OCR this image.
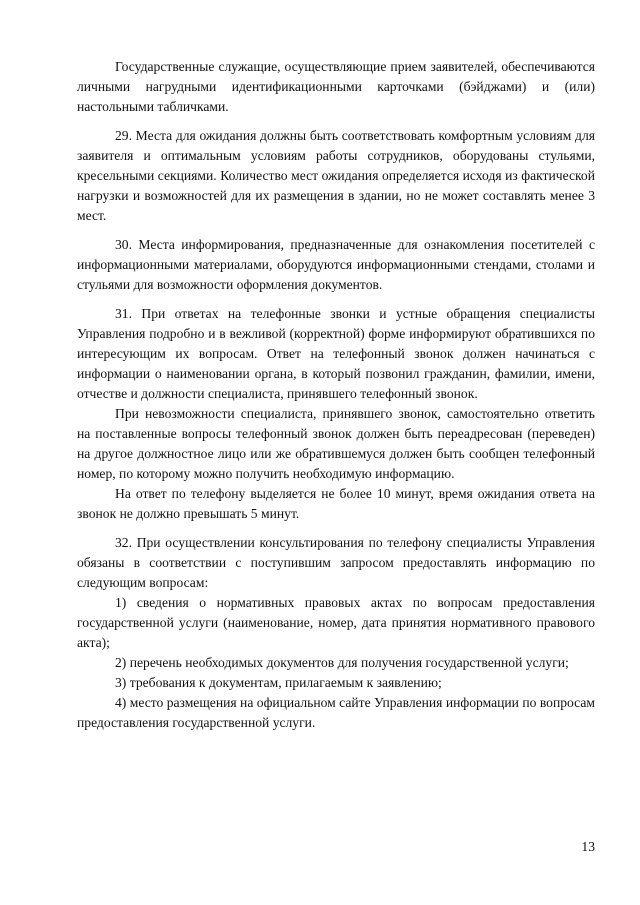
Государственные служащие, осуществляющие прием заявителей, обеспечиваются личными нагрудными идентификационными карточками (бэйджами) и (или) настольными табличками.

29. Места для ожидания должны быть соответствовать комфортным условиям для заявителя и оптимальным условиям работы сотрудников, оборудованы стульями, кресельными секциями. Количество мест ожидания определяется исходя из фактической нагрузки и возможностей для их размещения в здании, но не может составлять менее 3 мест.

30. Места информирования, предназначенные для ознакомления посетителей с информационными материалами, оборудуются информационными стендами, столами и стульями для возможности оформления документов.

31. При ответах на телефонные звонки и устные обращения специалисты Управления подробно и в вежливой (корректной) форме информируют обратившихся по интересующим их вопросам. Ответ на телефонный звонок должен начинаться с информации о наименовании органа, в который позвонил гражданин, фамилии, имени, отчестве и должности специалиста, принявшего телефонный звонок.

При невозможности специалиста, принявшего звонок, самостоятельно ответить на поставленные вопросы телефонный звонок должен быть переадресован (переведен) на другое должностное лицо или же обратившемуся должен быть сообщен телефонный номер, по которому можно получить необходимую информацию.

На ответ по телефону выделяется не более 10 минут, время ожидания ответа на звонок не должно превышать 5 минут.

32. При осуществлении консультирования по телефону специалисты Управления обязаны в соответствии с поступившим запросом предоставлять информацию по следующим вопросам:

1) сведения о нормативных правовых актах по вопросам предоставления государственной услуги (наименование, номер, дата принятия нормативного правового акта);

2) перечень необходимых документов для получения государственной услуги;

3) требования к документам, прилагаемым к заявлению;

4) место размещения на официальном сайте Управления информации по вопросам предоставления государственной услуги.

13
